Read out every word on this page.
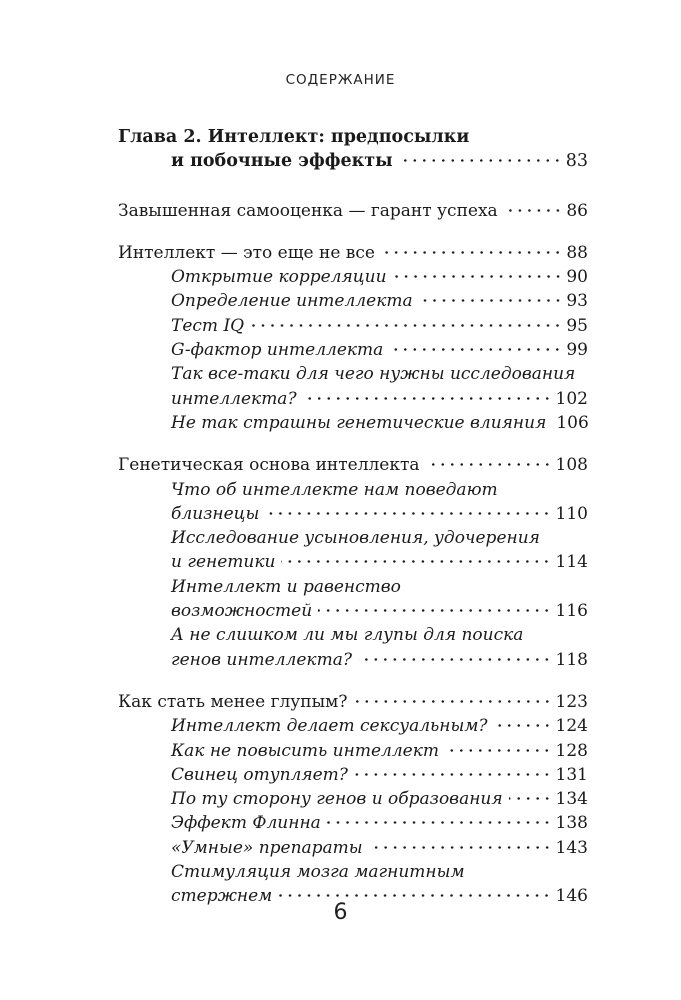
СОДЕРЖАНИЕ
Глава 2. Интеллект: предпосылки
и побочные эффекты	83
Завышенная самооценка — гарант успеха	86
Интеллект — это еще не все	88
Открытие корреляции	90
Определение интеллекта	93
Тест IQ	95
G-фактор интеллекта	99
Так все-таки для чего нужны исследования
интеллекта?	102
Не так страшны генетические влияния 106
Генетическая основа интеллекта	108
Что об интеллекте нам поведают
близнецы	110
Исследование усыновления, удочерения
и генетики	114
Интеллект и равенство
возможностей	116
А не слишком ли мы глупы для поиска
генов интеллекта?	118
Как стать менее глупым?	123
Интеллект делает сексуальным?	124
Как не повысить интеллект	128
Свинец отупляет?	131
По ту сторону генов и образования	134
Эффект Флинна	138
«Умные» препараты	143
Стимуляция мозга магнитным
стержнем	146
6
